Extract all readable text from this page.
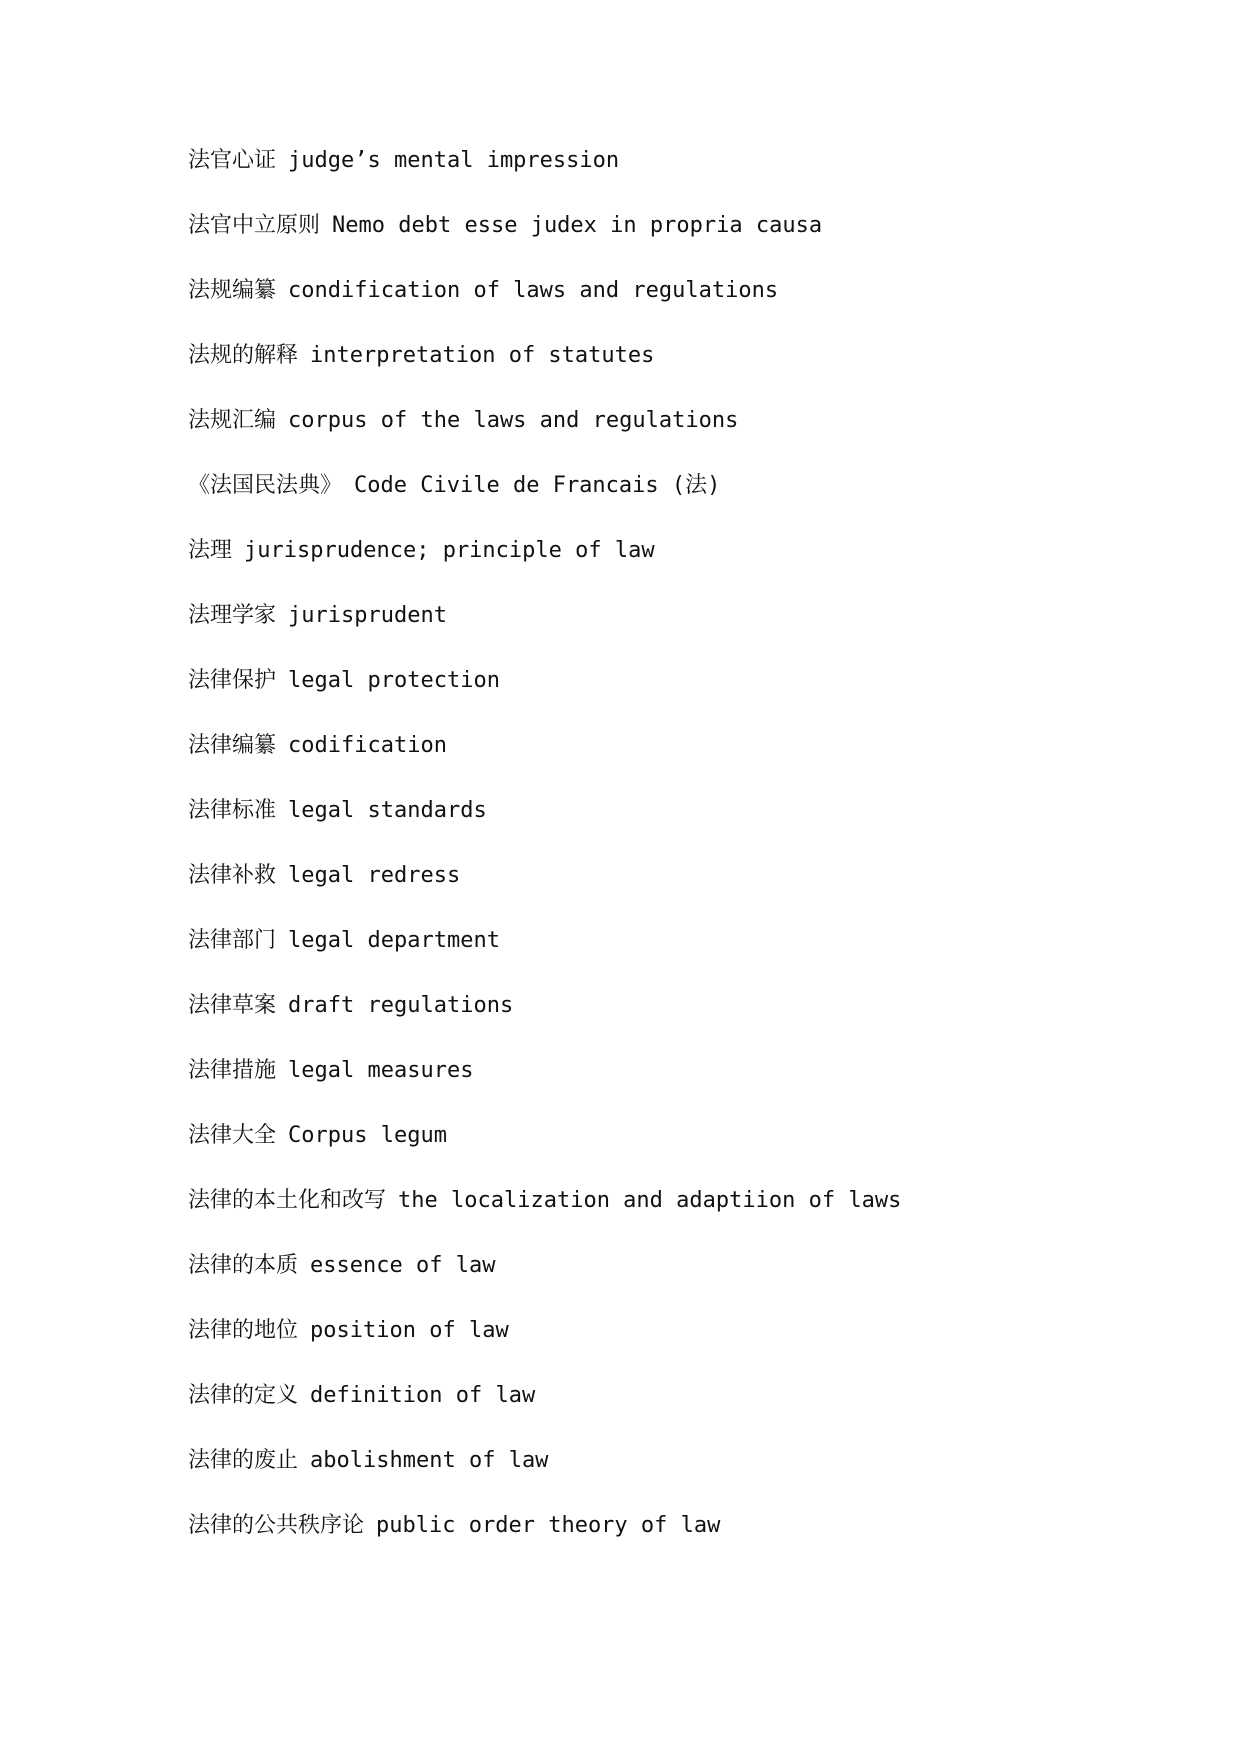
法官心证 judge’s mental impression
法官中立原则 Nemo debt esse judex in propria causa
法规编纂 condification of laws and regulations
法规的解释 interpretation of statutes
法规汇编 corpus of the laws and regulations
《法国民法典》 Code Civile de Francais (法)
法理 jurisprudence; principle of law
法理学家 jurisprudent
法律保护 legal protection
法律编纂 codification
法律标准 legal standards
法律补救 legal redress
法律部门 legal department
法律草案 draft regulations
法律措施 legal measures
法律大全 Corpus legum
法律的本土化和改写 the localization and adaptiion of laws
法律的本质 essence of law
法律的地位 position of law
法律的定义 definition of law
法律的废止 abolishment of law
法律的公共秩序论 public order theory of law
